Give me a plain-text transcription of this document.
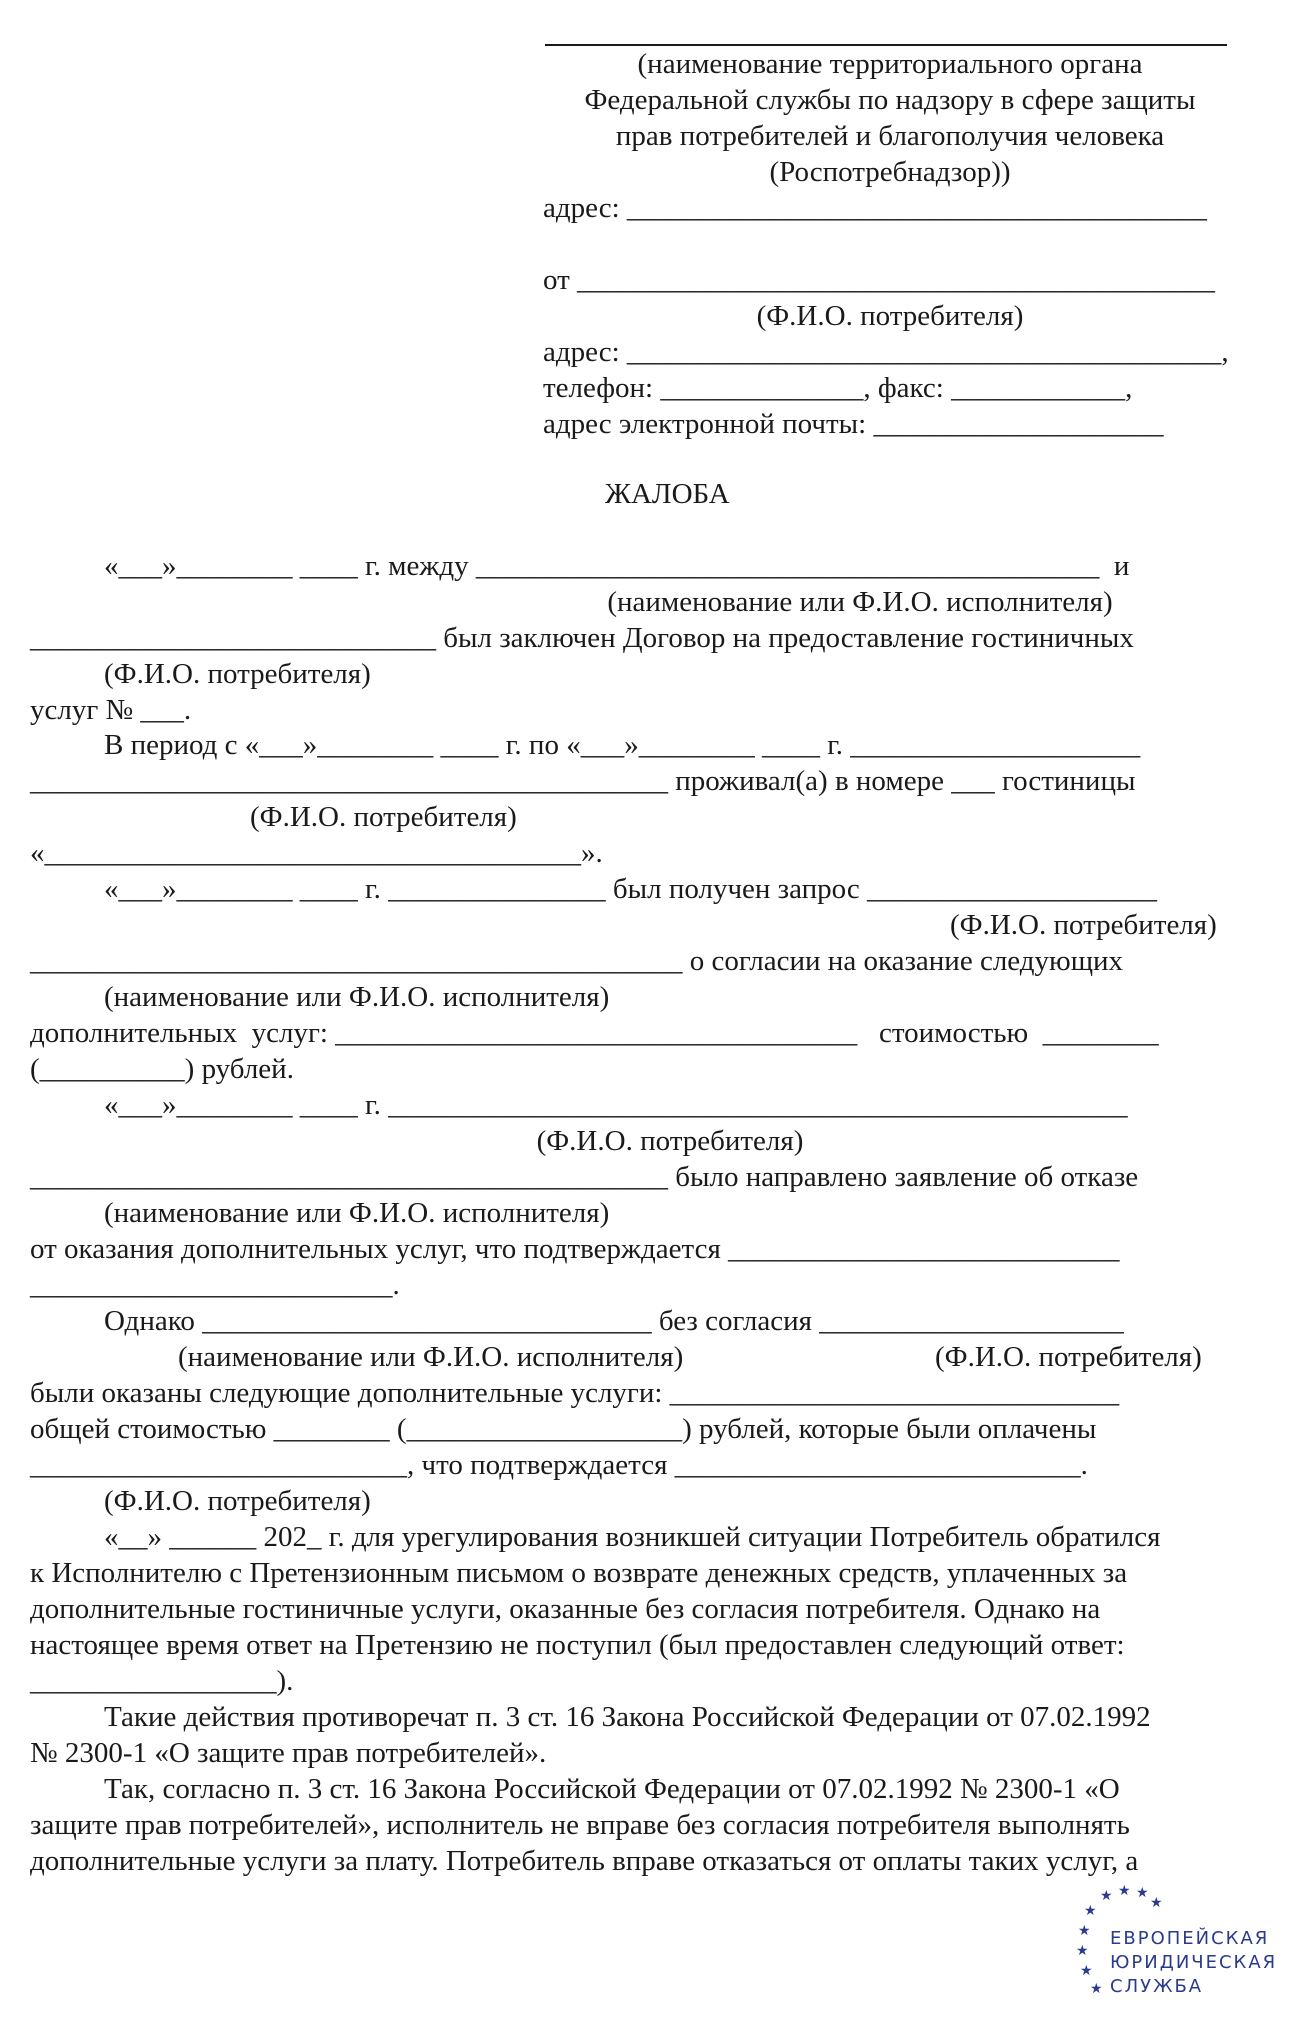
(наименование территориального органа
Федеральной службы по надзору в сфере защиты
прав потребителей и благополучия человека
(Роспотребнадзор))
адрес: ________________________________________
от ____________________________________________
(Ф.И.О. потребителя)
адрес: _________________________________________,
телефон: ______________, факс: ____________,
адрес электронной почты: ____________________
ЖАЛОБА
«___»________ ____ г. между ___________________________________________  и
(наименование или Ф.И.О. исполнителя)
____________________________ был заключен Договор на предоставление гостиничных
(Ф.И.О. потребителя)
услуг № ___.
В период с «___»________ ____ г. по «___»________ ____ г. ____________________
____________________________________________ проживал(а) в номере ___ гостиницы
(Ф.И.О. потребителя)
«_____________________________________».
«___»________ ____ г. _______________ был получен запрос ____________________
(Ф.И.О. потребителя)
_____________________________________________ о согласии на оказание следующих
(наименование или Ф.И.О. исполнителя)
дополнительных  услуг: ____________________________________   стоимостью  ________
(__________) рублей.
«___»________ ____ г. ___________________________________________________
(Ф.И.О. потребителя)
____________________________________________ было направлено заявление об отказе
(наименование или Ф.И.О. исполнителя)
от оказания дополнительных услуг, что подтверждается ___________________________
_________________________.
Однако _______________________________ без согласия _____________________
(наименование или Ф.И.О. исполнителя)	(Ф.И.О. потребителя)
были оказаны следующие дополнительные услуги: _______________________________
общей стоимостью ________ (___________________) рублей, которые были оплачены
__________________________, что подтверждается ____________________________.
(Ф.И.О. потребителя)
«__» ______ 202_ г. для урегулирования возникшей ситуации Потребитель обратился
к Исполнителю с Претензионным письмом о возврате денежных средств, уплаченных за
дополнительные гостиничные услуги, оказанные без согласия потребителя. Однако на
настоящее время ответ на Претензию не поступил (был предоставлен следующий ответ:
_________________).
Такие действия противоречат п. 3 ст. 16 Закона Российской Федерации от 07.02.1992
№ 2300-1 «О защите прав потребителей».
Так, согласно п. 3 ст. 16 Закона Российской Федерации от 07.02.1992 № 2300-1 «О
защите прав потребителей», исполнитель не вправе без согласия потребителя выполнять
дополнительные услуги за плату. Потребитель вправе отказаться от оплаты таких услуг, а
★ ★ ★
★
★
★
★
★
★
ЕВРОПЕЙСКАЯ
ЮРИДИЧЕСКАЯ
СЛУЖБА
